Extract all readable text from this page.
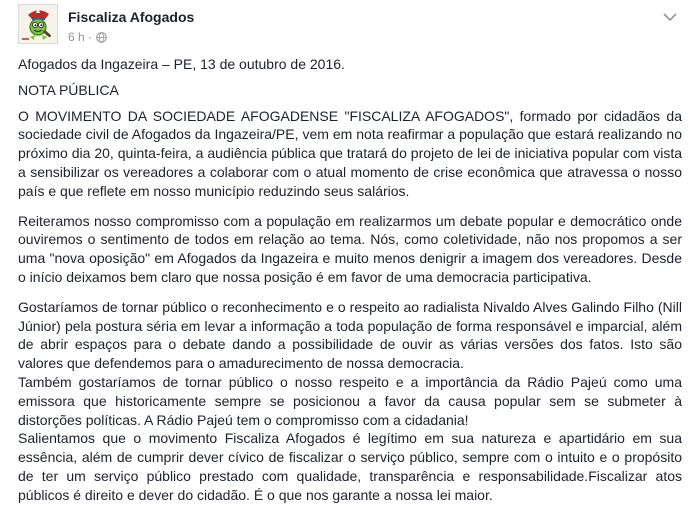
Fiscaliza Afogados
6 h ·

Afogados da Ingazeira – PE, 13 de outubro de 2016.

NOTA PÚBLICA

O MOVIMENTO DA SOCIEDADE AFOGADENSE "FISCALIZA AFOGADOS", formado por cidadãos da sociedade civil de Afogados da Ingazeira/PE, vem em nota reafirmar a população que estará realizando no próximo dia 20, quinta-feira, a audiência pública que tratará do projeto de lei de iniciativa popular com vista a sensibilizar os vereadores a colaborar com o atual momento de crise econômica que atravessa o nosso país e que reflete em nosso município reduzindo seus salários.

Reiteramos nosso compromisso com a população em realizarmos um debate popular e democrático onde ouviremos o sentimento de todos em relação ao tema. Nós, como coletividade, não nos propomos a ser uma "nova oposição" em Afogados da Ingazeira e muito menos denigrir a imagem dos vereadores. Desde o início deixamos bem claro que nossa posição é em favor de uma democracia participativa.

Gostaríamos de tornar público o reconhecimento e o respeito ao radialista Nivaldo Alves Galindo Filho (Nill Júnior) pela postura séria em levar a informação a toda população de forma responsável e imparcial, além de abrir espaços para o debate dando a possibilidade de ouvir as várias versões dos fatos. Isto são valores que defendemos para o amadurecimento de nossa democracia.

Também gostaríamos de tornar público o nosso respeito e a importância da Rádio Pajeú como uma emissora que historicamente sempre se posicionou a favor da causa popular sem se submeter à distorções políticas. A Rádio Pajeú tem o compromisso com a cidadania!

Salientamos que o movimento Fiscaliza Afogados é legítimo em sua natureza e apartidário em sua essência, além de cumprir dever cívico de fiscalizar o serviço público, sempre com o intuito e o propósito de ter um serviço público prestado com qualidade, transparência e responsabilidade.Fiscalizar atos públicos é direito e dever do cidadão. É o que nos garante a nossa lei maior.
